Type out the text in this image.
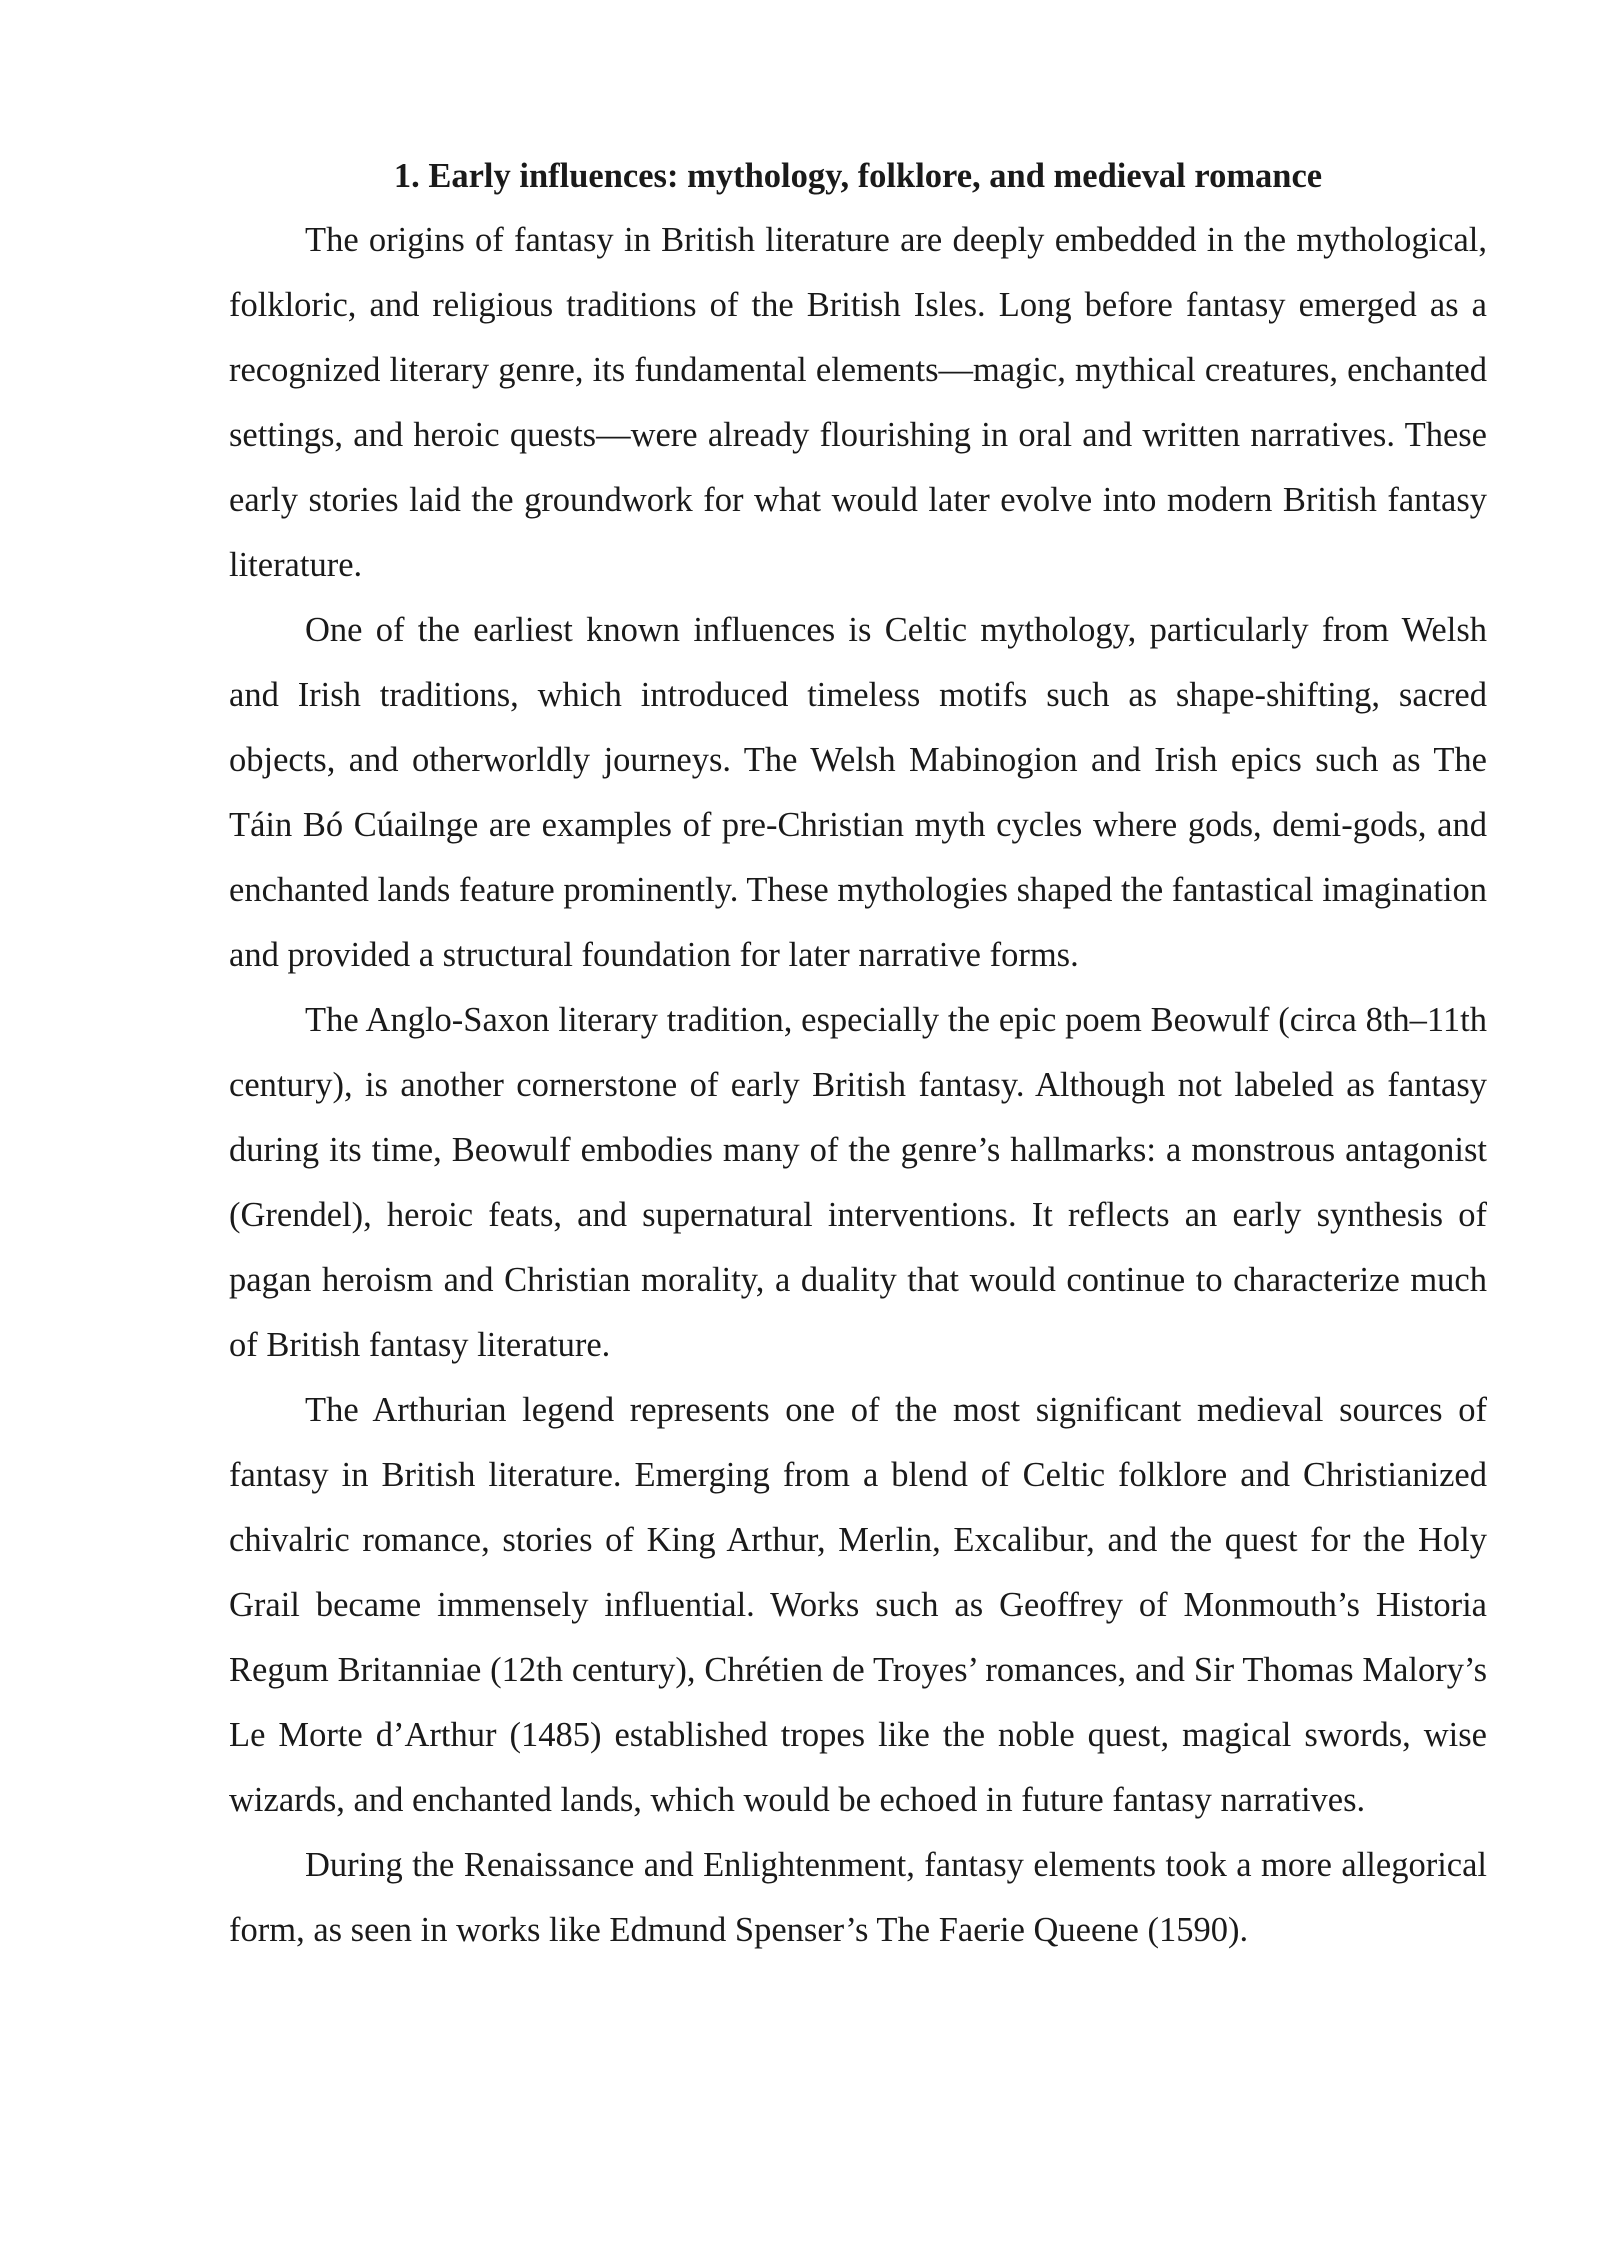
1. Early influences: mythology, folklore, and medieval romance

The origins of fantasy in British literature are deeply embedded in the mythological, folkloric, and religious traditions of the British Isles. Long before fantasy emerged as a recognized literary genre, its fundamental elements—magic, mythical creatures, enchanted settings, and heroic quests—were already flourishing in oral and written narratives. These early stories laid the groundwork for what would later evolve into modern British fantasy literature.

One of the earliest known influences is Celtic mythology, particularly from Welsh and Irish traditions, which introduced timeless motifs such as shape-shifting, sacred objects, and otherworldly journeys. The Welsh Mabinogion and Irish epics such as The Táin Bó Cúailnge are examples of pre-Christian myth cycles where gods, demi-gods, and enchanted lands feature prominently. These mythologies shaped the fantastical imagination and provided a structural foundation for later narrative forms.

The Anglo-Saxon literary tradition, especially the epic poem Beowulf (circa 8th–11th century), is another cornerstone of early British fantasy. Although not labeled as fantasy during its time, Beowulf embodies many of the genre’s hallmarks: a monstrous antagonist (Grendel), heroic feats, and supernatural interventions. It reflects an early synthesis of pagan heroism and Christian morality, a duality that would continue to characterize much of British fantasy literature.

The Arthurian legend represents one of the most significant medieval sources of fantasy in British literature. Emerging from a blend of Celtic folklore and Christianized chivalric romance, stories of King Arthur, Merlin, Excalibur, and the quest for the Holy Grail became immensely influential. Works such as Geoffrey of Monmouth’s Historia Regum Britanniae (12th century), Chrétien de Troyes’ romances, and Sir Thomas Malory’s Le Morte d’Arthur (1485) established tropes like the noble quest, magical swords, wise wizards, and enchanted lands, which would be echoed in future fantasy narratives.

During the Renaissance and Enlightenment, fantasy elements took a more allegorical form, as seen in works like Edmund Spenser’s The Faerie Queene (1590).
